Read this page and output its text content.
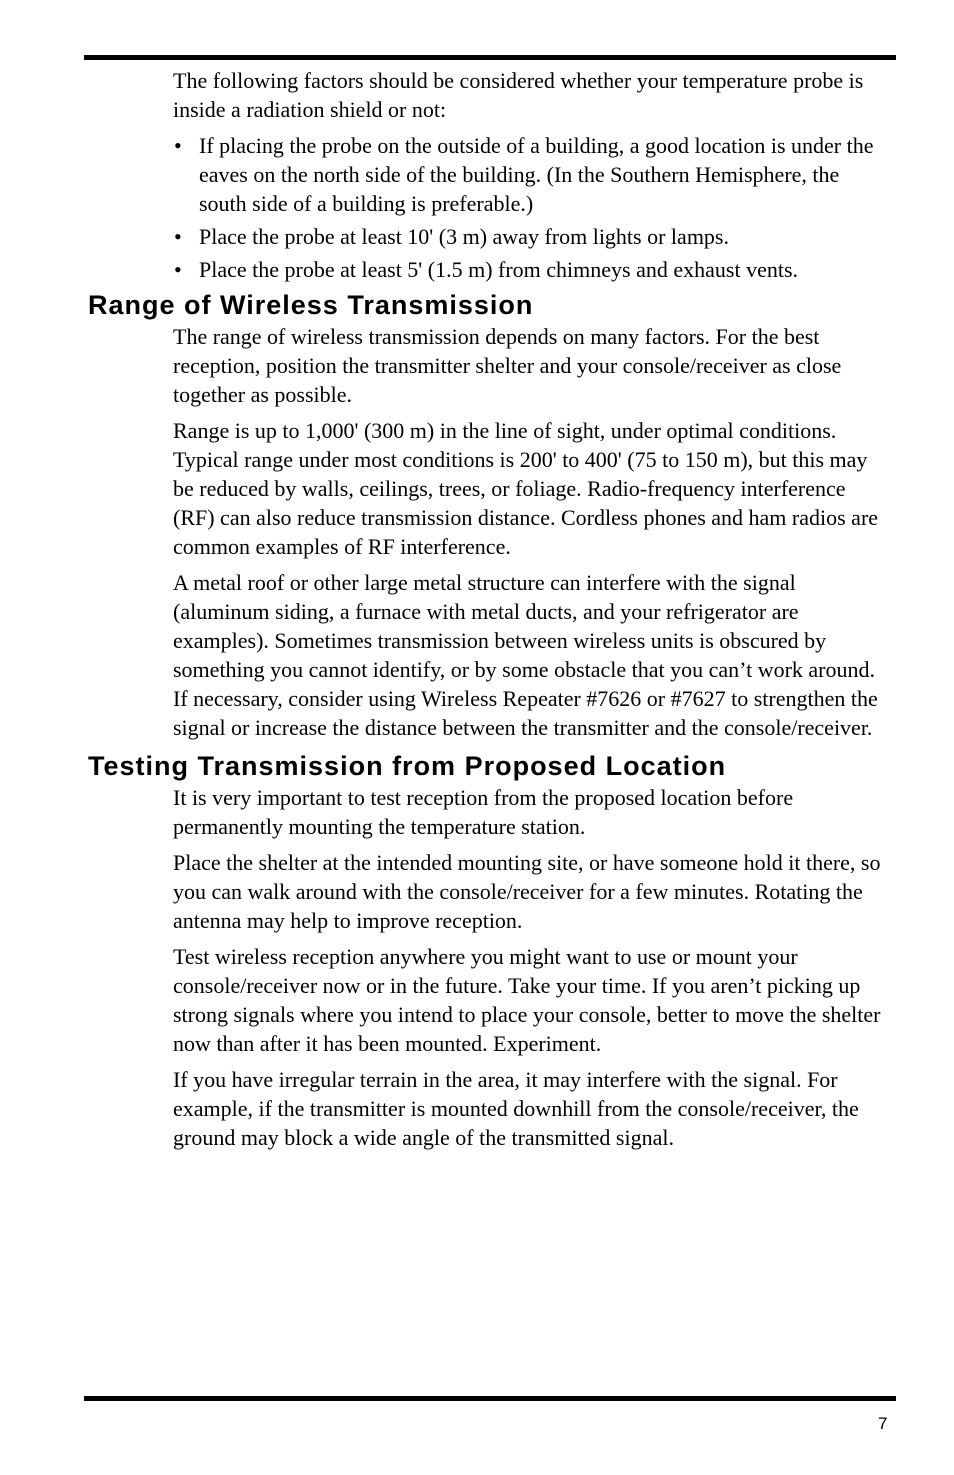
The following factors should be considered whether your temperature probe is inside a radiation shield or not:

• If placing the probe on the outside of a building, a good location is under the eaves on the north side of the building. (In the Southern Hemisphere, the south side of a building is preferable.)
• Place the probe at least 10' (3 m) away from lights or lamps.
• Place the probe at least 5' (1.5 m) from chimneys and exhaust vents.
Range of Wireless Transmission

The range of wireless transmission depends on many factors. For the best reception, position the transmitter shelter and your console/receiver as close together as possible.

Range is up to 1,000' (300 m) in the line of sight, under optimal conditions. Typical range under most conditions is 200' to 400' (75 to 150 m), but this may be reduced by walls, ceilings, trees, or foliage. Radio-frequency interference (RF) can also reduce transmission distance. Cordless phones and ham radios are common examples of RF interference.

A metal roof or other large metal structure can interfere with the signal (aluminum siding, a furnace with metal ducts, and your refrigerator are examples). Sometimes transmission between wireless units is obscured by something you cannot identify, or by some obstacle that you can’t work around. If necessary, consider using Wireless Repeater #7626 or #7627 to strengthen the signal or increase the distance between the transmitter and the console/receiver.

Testing Transmission from Proposed Location

It is very important to test reception from the proposed location before permanently mounting the temperature station.

Place the shelter at the intended mounting site, or have someone hold it there, so you can walk around with the console/receiver for a few minutes. Rotating the antenna may help to improve reception.

Test wireless reception anywhere you might want to use or mount your console/receiver now or in the future. Take your time. If you aren’t picking up strong signals where you intend to place your console, better to move the shelter now than after it has been mounted. Experiment.

If you have irregular terrain in the area, it may interfere with the signal. For example, if the transmitter is mounted downhill from the console/receiver, the ground may block a wide angle of the transmitted signal.

7
